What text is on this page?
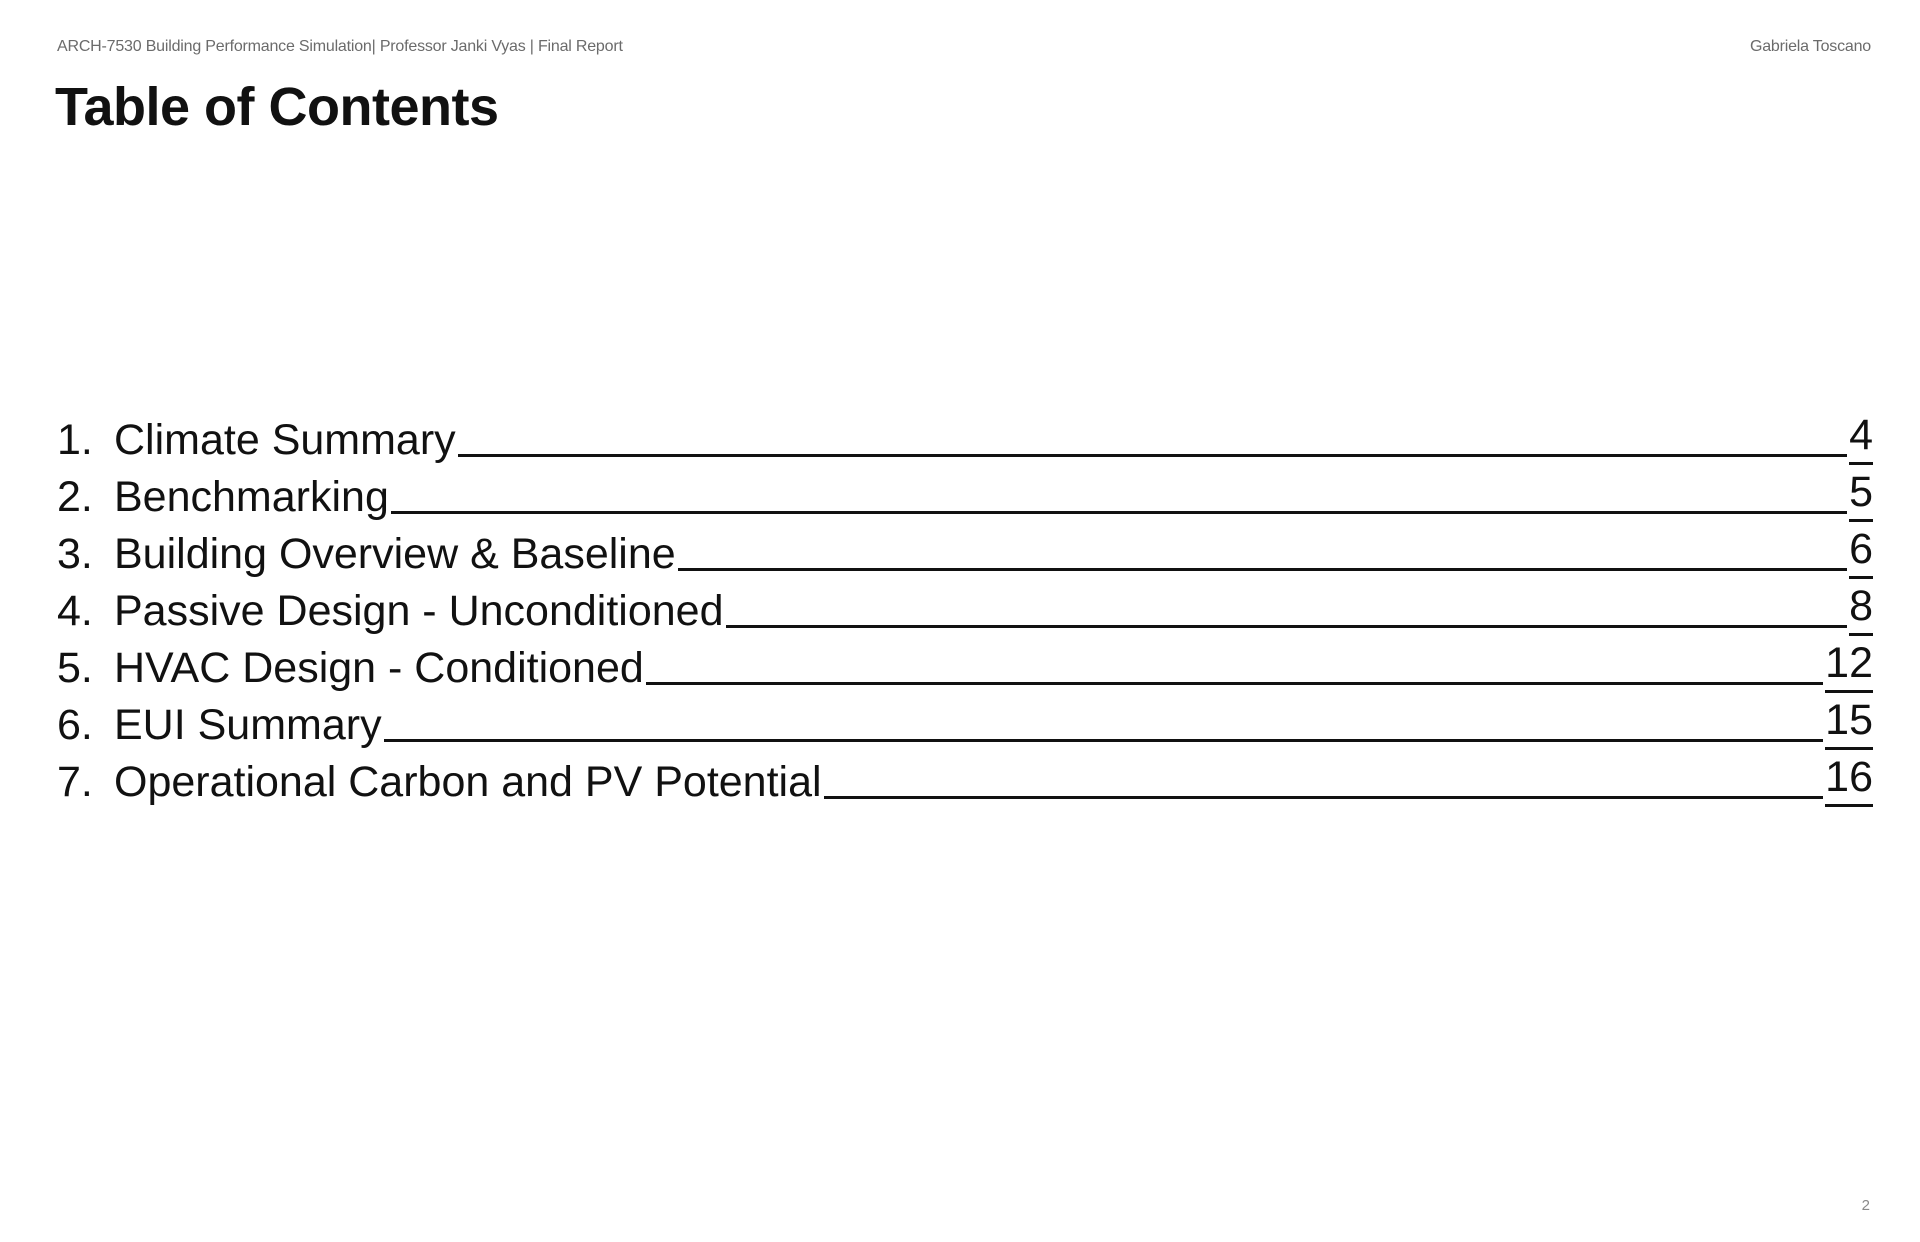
ARCH-7530 Building Performance Simulation| Professor Janki Vyas | Final Report	Gabriela Toscano
Table of Contents
1. Climate Summary	4
2. Benchmarking	5
3. Building Overview & Baseline	6
4. Passive Design - Unconditioned	8
5. HVAC Design - Conditioned	12
6. EUI Summary	15
7. Operational Carbon and PV Potential	16
2
